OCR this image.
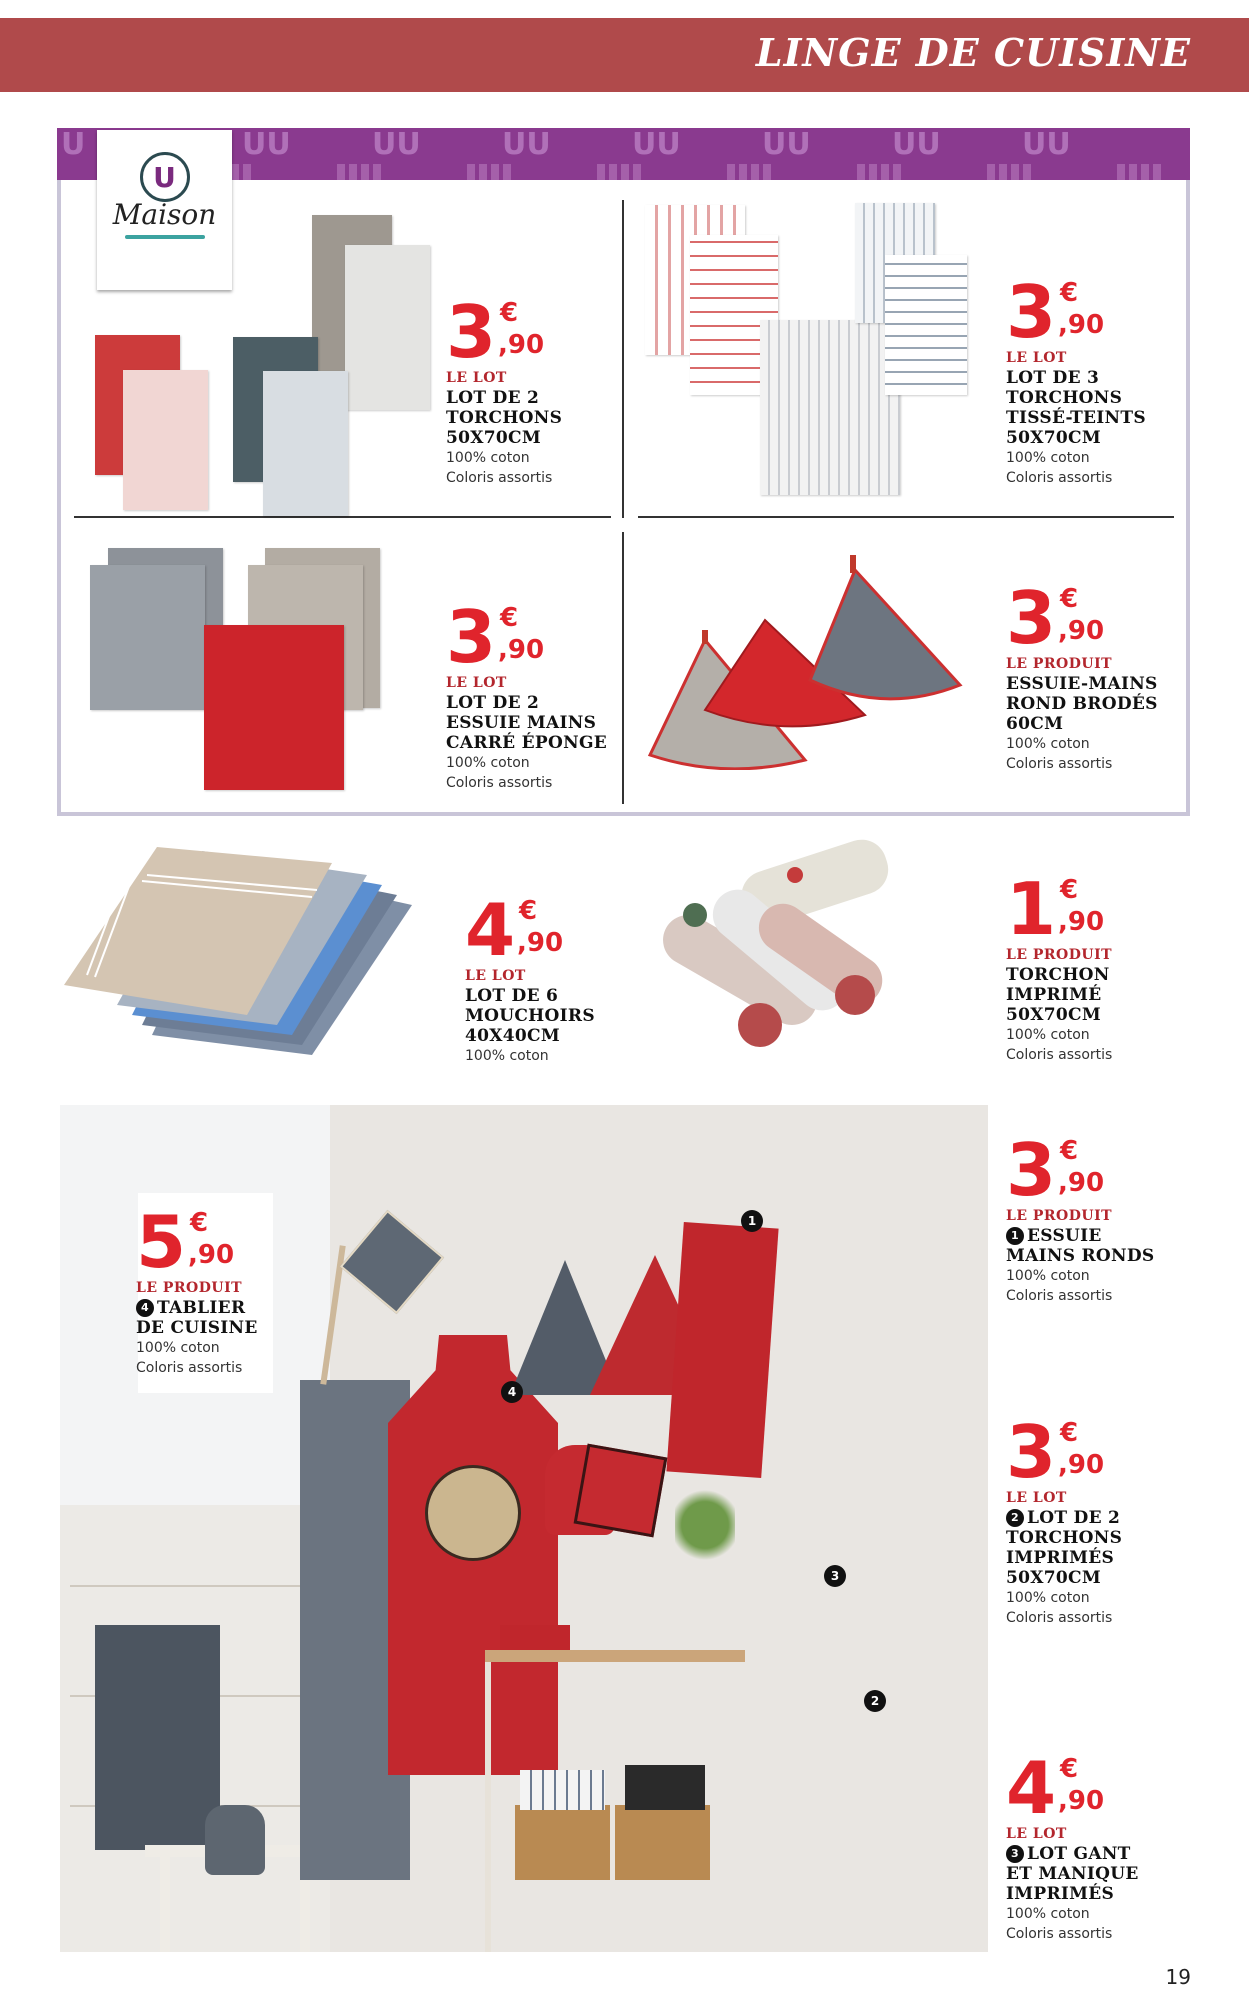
LINGE DE CUISINE
U	UU	UU	UU	UU	UU	UU	UU
U
Maison
3 €
,90
LE LOT
LOT DE 2
TORCHONS
50X70CM
100% coton
Coloris assortis
3 €
,90
LE LOT
LOT DE 3
TORCHONS
TISSÉ-TEINTS
50X70CM
100% coton
Coloris assortis
3 €
,90
LE LOT
LOT DE 2
ESSUIE MAINS
CARRÉ ÉPONGE
100% coton
Coloris assortis
3 €
,90
LE PRODUIT
ESSUIE-MAINS
ROND BRODÉS
60CM
100% coton
Coloris assortis
4 €
,90
LE LOT
LOT DE 6
MOUCHOIRS
40X40CM
100% coton
1 €
,90
LE PRODUIT
TORCHON
IMPRIMÉ
50X70CM
100% coton
Coloris assortis
1
2
3
4
5 €
,90
LE PRODUIT
4 TABLIER
DE CUISINE
100% coton
Coloris assortis
3 €
,90
LE PRODUIT
1 ESSUIE
MAINS RONDS
100% coton
Coloris assortis
3 €
,90
LE LOT
2 LOT DE 2
TORCHONS
IMPRIMÉS
50X70CM
100% coton
Coloris assortis
4 €
,90
LE LOT
3 LOT GANT
ET MANIQUE
IMPRIMÉS
100% coton
Coloris assortis
19
